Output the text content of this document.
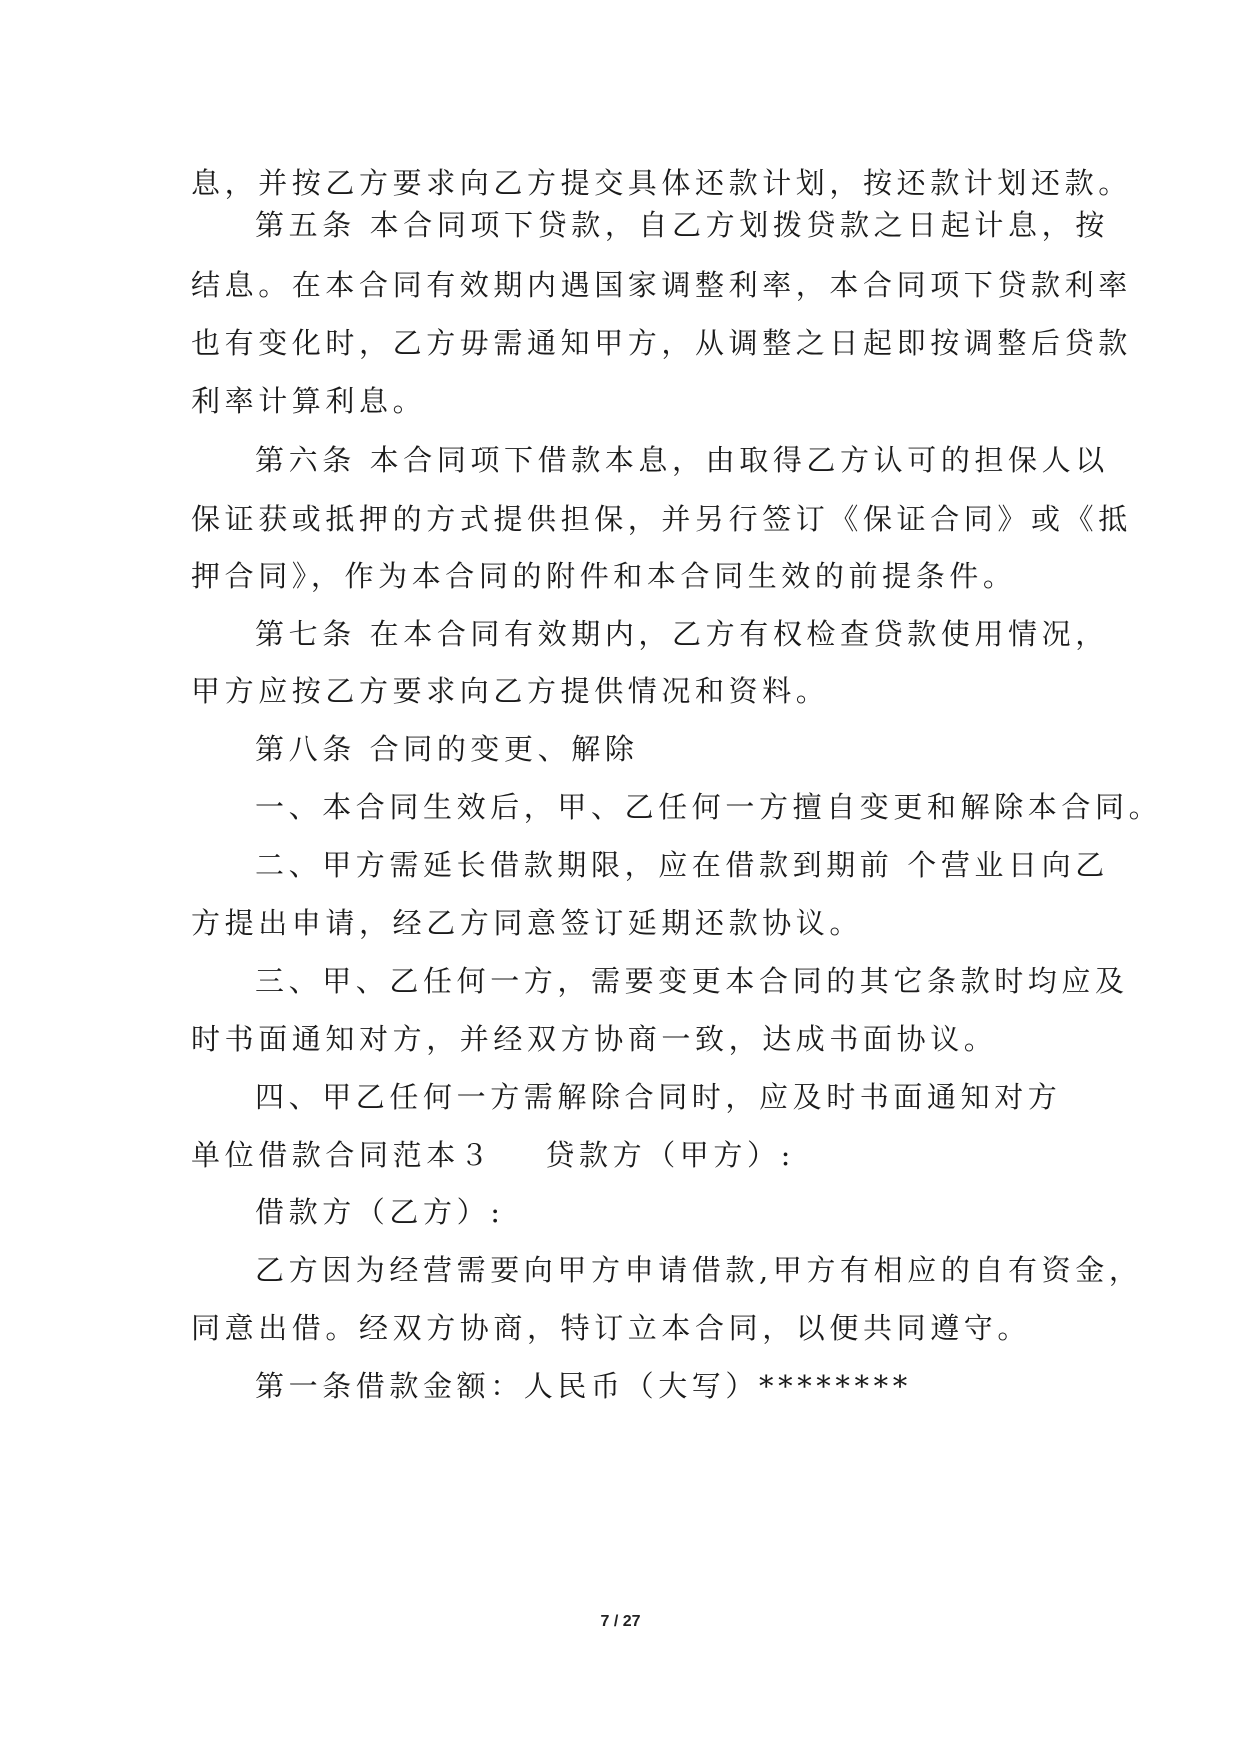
息，并按乙方要求向乙方提交具体还款计划，按还款计划还款。
第五条 本合同项下贷款，自乙方划拨贷款之日起计息，按
结息。在本合同有效期内遇国家调整利率，本合同项下贷款利率
也有变化时，乙方毋需通知甲方，从调整之日起即按调整后贷款
利率计算利息。
第六条 本合同项下借款本息，由取得乙方认可的担保人以
保证获或抵押的方式提供担保，并另行签订《保证合同》或《抵
押合同》，作为本合同的附件和本合同生效的前提条件。
第七条 在本合同有效期内，乙方有权检查贷款使用情况，
甲方应按乙方要求向乙方提供情况和资料。
第八条 合同的变更、解除
一、本合同生效后，甲、乙任何一方擅自变更和解除本合同。
二、甲方需延长借款期限，应在借款到期前 个营业日向乙
方提出申请，经乙方同意签订延期还款协议。
三、甲、乙任何一方，需要变更本合同的其它条款时均应及
时书面通知对方，并经双方协商一致，达成书面协议。
四、甲乙任何一方需解除合同时，应及时书面通知对方
单位借款合同范本３ 贷款方（甲方）:
借款方（乙方）:
乙方因为经营需要向甲方申请借款,甲方有相应的自有资金，
同意出借。经双方协商，特订立本合同，以便共同遵守。
第一条借款金额：人民币（大写）********
7 / 27
